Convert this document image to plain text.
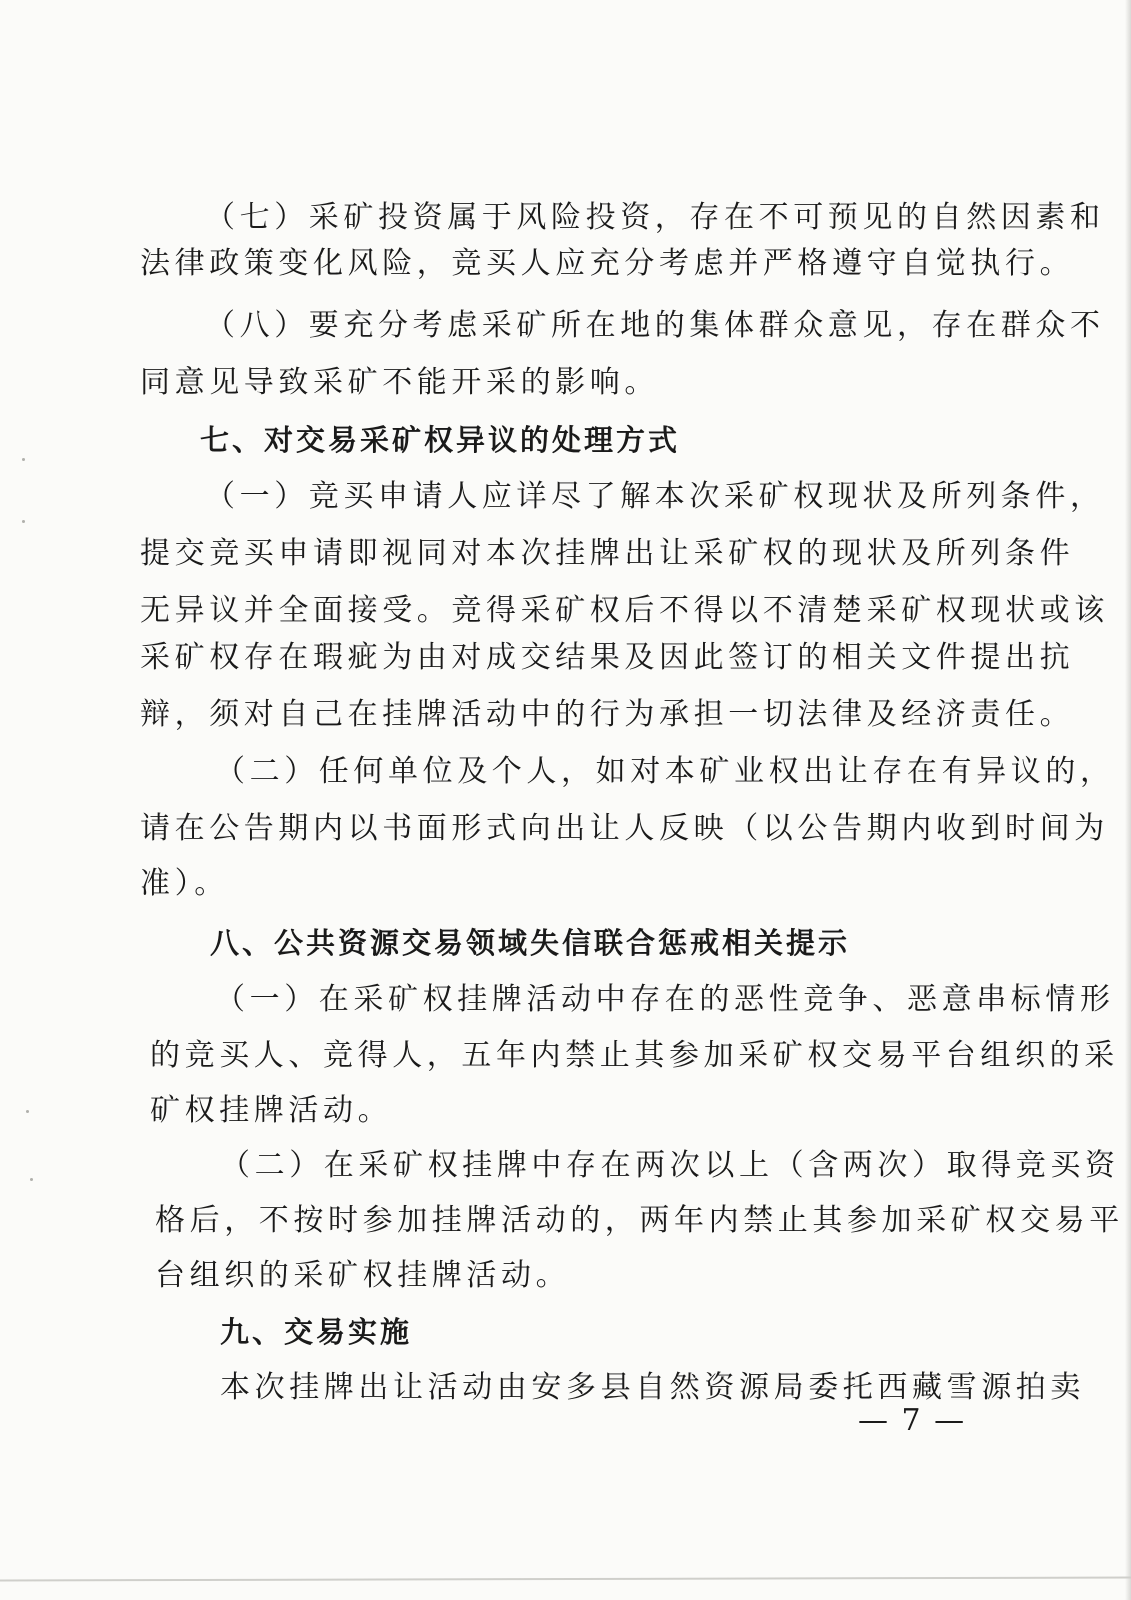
（七）采矿投资属于风险投资，存在不可预见的自然因素和
法律政策变化风险，竞买人应充分考虑并严格遵守自觉执行。
（八）要充分考虑采矿所在地的集体群众意见，存在群众不
同意见导致采矿不能开采的影响。
七、对交易采矿权异议的处理方式
（一）竞买申请人应详尽了解本次采矿权现状及所列条件，
提交竞买申请即视同对本次挂牌出让采矿权的现状及所列条件
无异议并全面接受。竞得采矿权后不得以不清楚采矿权现状或该
采矿权存在瑕疵为由对成交结果及因此签订的相关文件提出抗
辩，须对自己在挂牌活动中的行为承担一切法律及经济责任。
（二）任何单位及个人，如对本矿业权出让存在有异议的，
请在公告期内以书面形式向出让人反映（以公告期内收到时间为
准）。
八、公共资源交易领域失信联合惩戒相关提示
（一）在采矿权挂牌活动中存在的恶性竞争、恶意串标情形
的竞买人、竞得人，五年内禁止其参加采矿权交易平台组织的采
矿权挂牌活动。
（二）在采矿权挂牌中存在两次以上（含两次）取得竞买资
格后，不按时参加挂牌活动的，两年内禁止其参加采矿权交易平
台组织的采矿权挂牌活动。
九、交易实施
本次挂牌出让活动由安多县自然资源局委托西藏雪源拍卖
— 7 —
